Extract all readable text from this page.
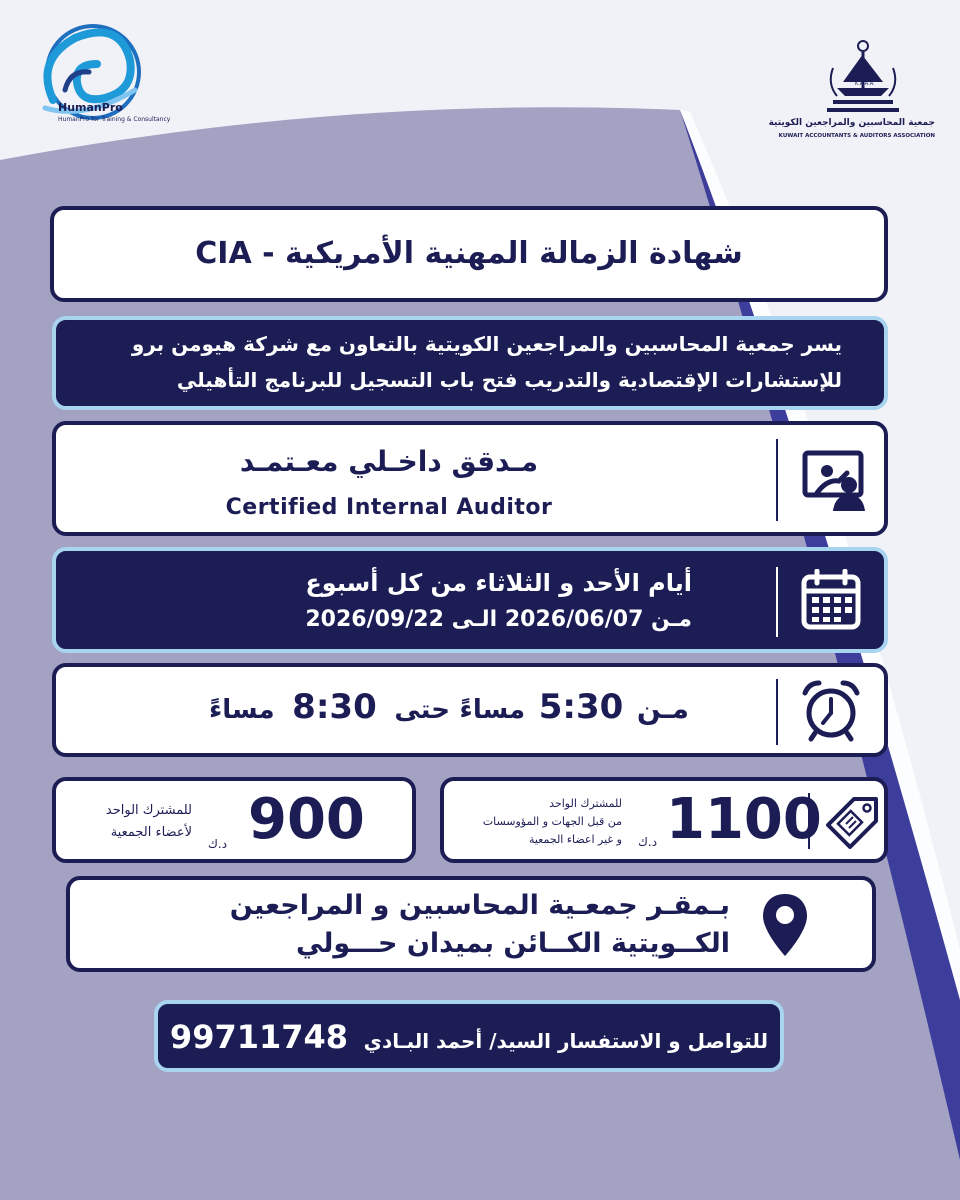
HumanPro
HumanPro for Training & Consultancy
K.A.A.A.
جمعية المحاسبين والمراجعين الكويتية
KUWAIT ACCOUNTANTS & AUDITORS ASSOCIATION
شهادة الزمالة المهنية الأمريكية - CIA
يسر جمعية المحاسبين والمراجعين الكويتية بالتعاون مع شركة هيومن برو
للإستشارات الإقتصادية والتدريب فتح باب التسجيل للبرنامج التأهيلي
مـدقق داخـلي معـتمـد
Certified Internal Auditor
أيام الأحد و الثلاثاء من كل أسبوع
مـن 2026/06/07 الـى 2026/09/22
مـن 5:30 مساءً حتى 8:30 مساءً
1100
د.ك
للمشترك الواحد
من قبل الجهات و المؤوسسات
و غير اعضاء الجمعية
900
د.ك
للمشترك الواحد
لأعضاء الجمعية
بـمقـر جمعـية المحاسبين و المراجعين
الكــويتية الكــائن بميدان حـــولي
للتواصل و الاستفسار السيد/ أحمد البـادي 99711748
